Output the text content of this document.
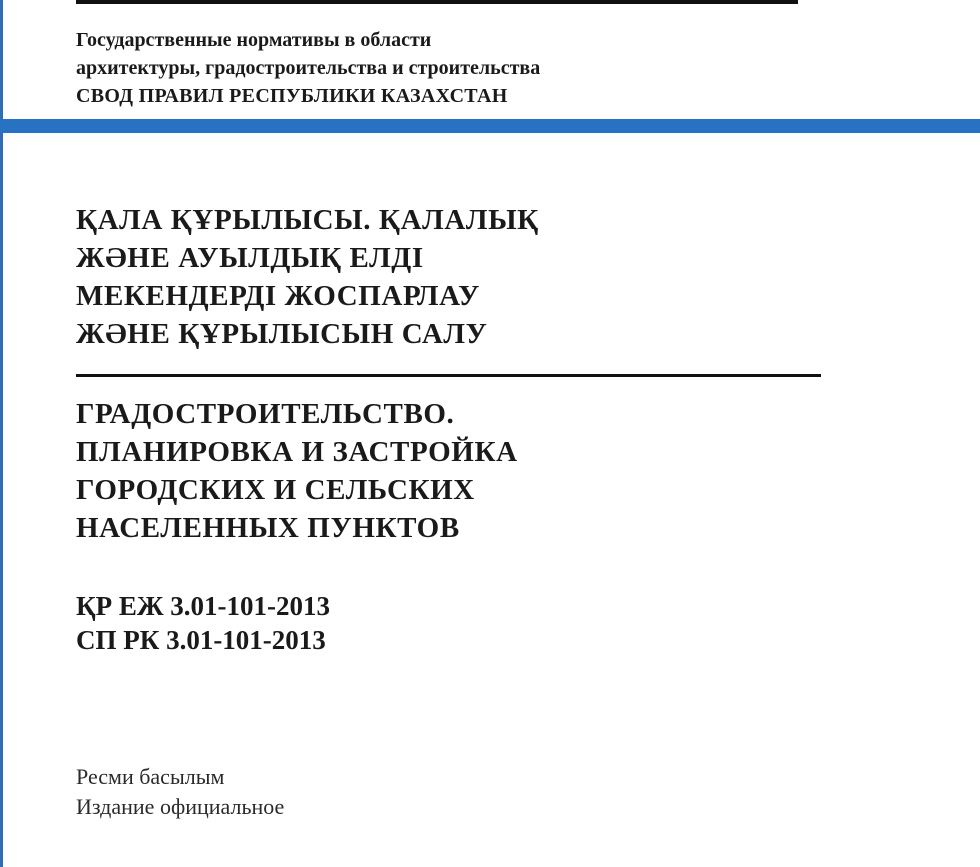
Государственные нормативы в области
архитектуры, градостроительства и строительства
СВОД ПРАВИЛ РЕСПУБЛИКИ КАЗАХСТАН
ҚАЛА ҚҰРЫЛЫСЫ. ҚАЛАЛЫҚ
ЖӘНЕ АУЫЛДЫҚ ЕЛДІ
МЕКЕНДЕРДІ ЖОСПАРЛАУ
ЖӘНЕ ҚҰРЫЛЫСЫН САЛУ
ГРАДОСТРОИТЕЛЬСТВО.
ПЛАНИРОВКА И ЗАСТРОЙКА
ГОРОДСКИХ И СЕЛЬСКИХ
НАСЕЛЕННЫХ ПУНКТОВ
ҚР ЕЖ 3.01-101-2013
СП РК 3.01-101-2013
Ресми басылым
Издание официальное
